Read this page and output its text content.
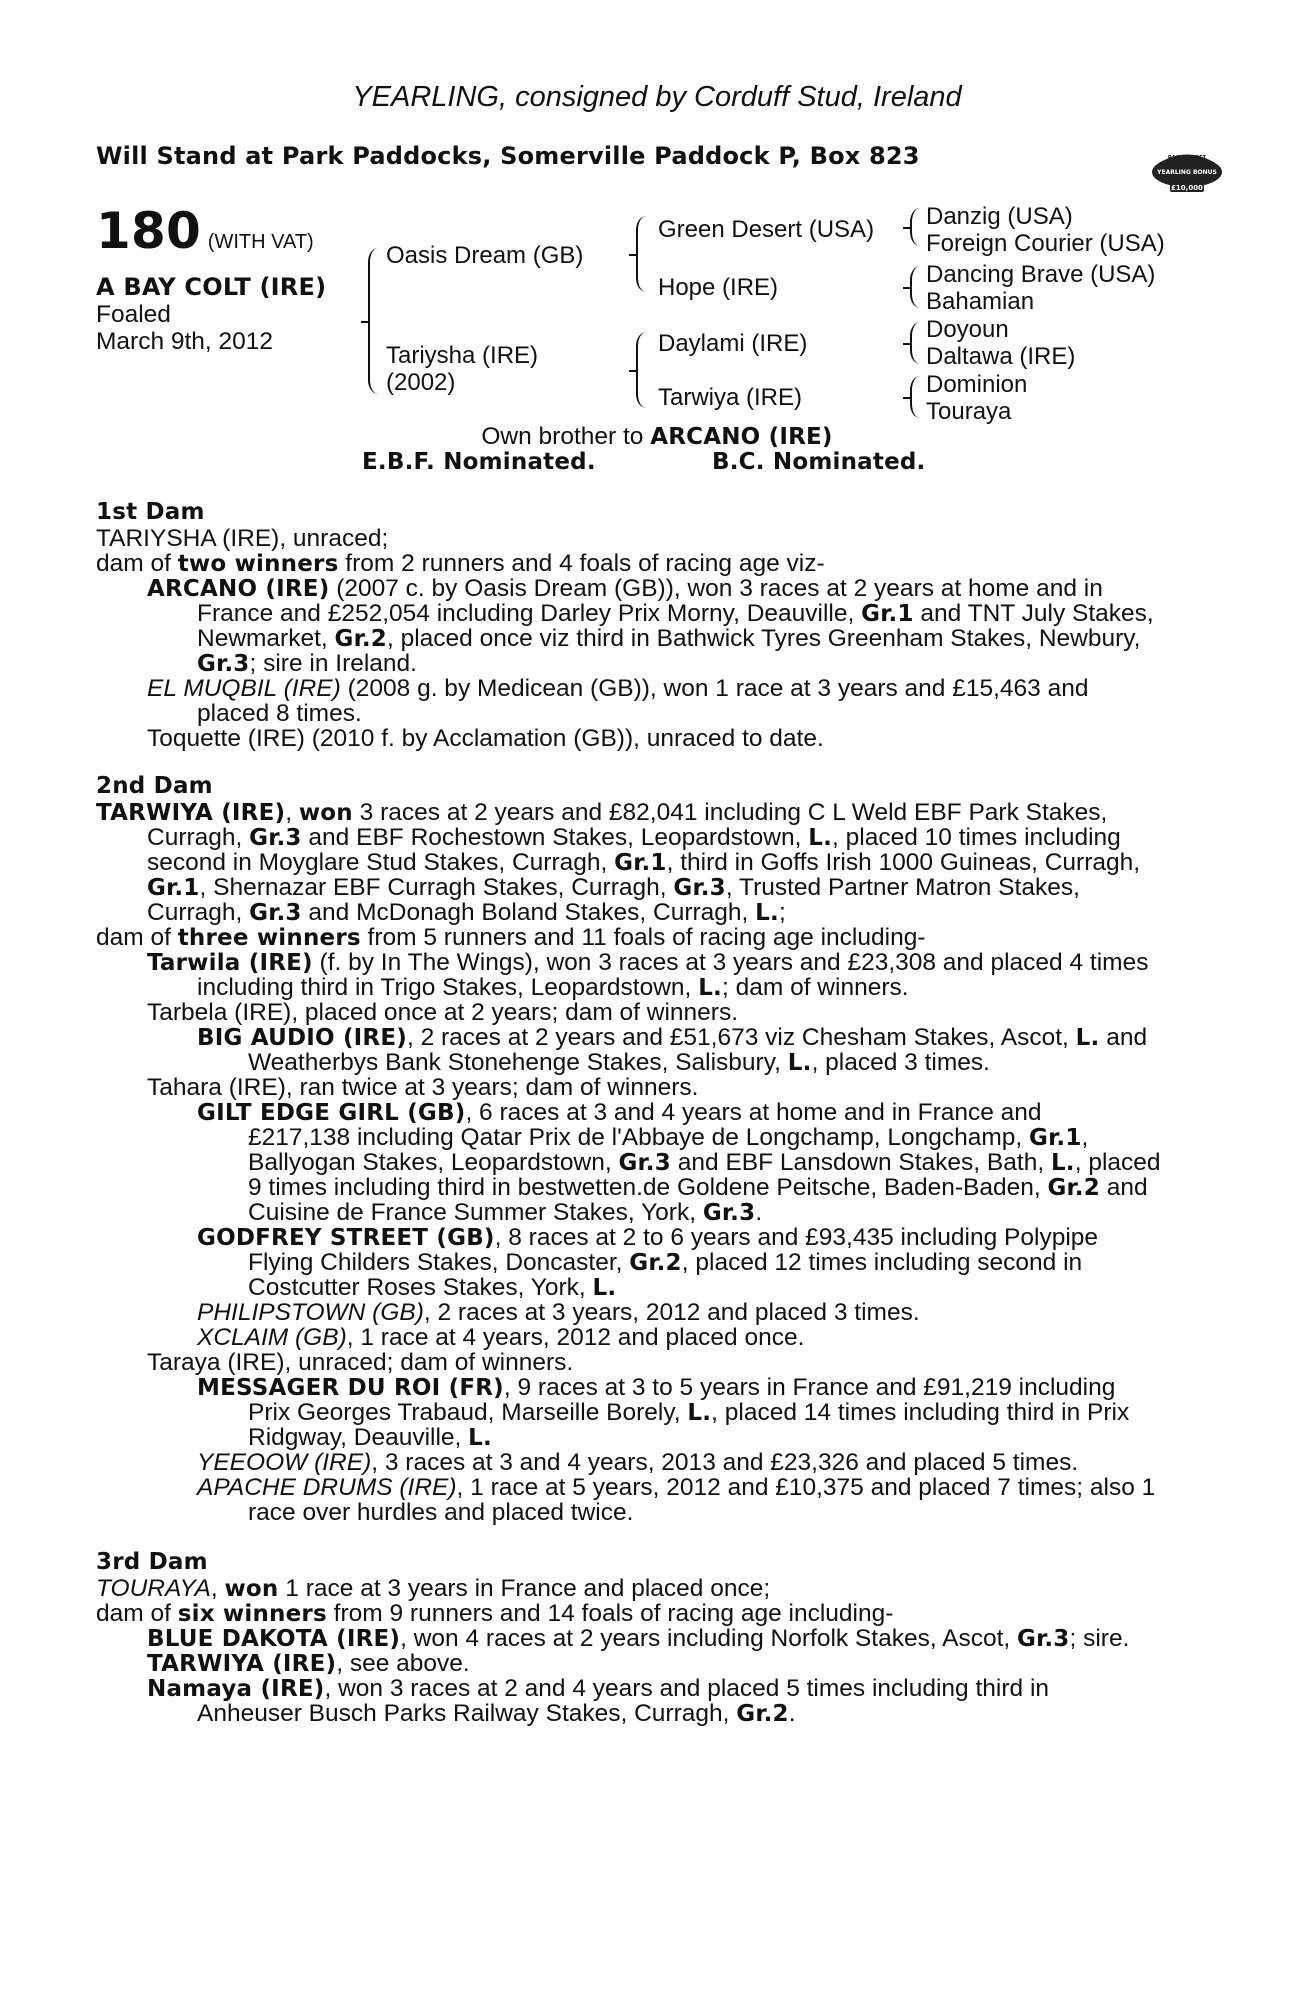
YEARLING, consigned by Corduff Stud, Ireland
Will Stand at Park Paddocks, Somerville Paddock P, Box 823	RACING POST
YEARLING BONUS
£10,000
180 (WITH VAT)
A BAY COLT (IRE)
Foaled
March 9th, 2012
Oasis Dream (GB)
Tariysha (IRE)
(2002)
Green Desert (USA)
Hope (IRE)
Daylami (IRE)
Tarwiya (IRE)
Danzig (USA)
Foreign Courier (USA)
Dancing Brave (USA)
Bahamian
Doyoun
Daltawa (IRE)
Dominion
Touraya
Own brother to ARCANO (IRE)
E.B.F. Nominated.	B.C. Nominated.
1st Dam
TARIYSHA (IRE), unraced;
dam of two winners from 2 runners and 4 foals of racing age viz-
ARCANO (IRE) (2007 c. by Oasis Dream (GB)), won 3 races at 2 years at home and in
France and £252,054 including Darley Prix Morny, Deauville, Gr.1 and TNT July Stakes,
Newmarket, Gr.2, placed once viz third in Bathwick Tyres Greenham Stakes, Newbury,
Gr.3; sire in Ireland.
EL MUQBIL (IRE) (2008 g. by Medicean (GB)), won 1 race at 3 years and £15,463 and
placed 8 times.
Toquette (IRE) (2010 f. by Acclamation (GB)), unraced to date.
2nd Dam
TARWIYA (IRE), won 3 races at 2 years and £82,041 including C L Weld EBF Park Stakes,
Curragh, Gr.3 and EBF Rochestown Stakes, Leopardstown, L., placed 10 times including
second in Moyglare Stud Stakes, Curragh, Gr.1, third in Goffs Irish 1000 Guineas, Curragh,
Gr.1, Shernazar EBF Curragh Stakes, Curragh, Gr.3, Trusted Partner Matron Stakes,
Curragh, Gr.3 and McDonagh Boland Stakes, Curragh, L.;
dam of three winners from 5 runners and 11 foals of racing age including-
Tarwila (IRE) (f. by In The Wings), won 3 races at 3 years and £23,308 and placed 4 times
including third in Trigo Stakes, Leopardstown, L.; dam of winners.
Tarbela (IRE), placed once at 2 years; dam of winners.
BIG AUDIO (IRE), 2 races at 2 years and £51,673 viz Chesham Stakes, Ascot, L. and
Weatherbys Bank Stonehenge Stakes, Salisbury, L., placed 3 times.
Tahara (IRE), ran twice at 3 years; dam of winners.
GILT EDGE GIRL (GB), 6 races at 3 and 4 years at home and in France and
£217,138 including Qatar Prix de l'Abbaye de Longchamp, Longchamp, Gr.1,
Ballyogan Stakes, Leopardstown, Gr.3 and EBF Lansdown Stakes, Bath, L., placed
9 times including third in bestwetten.de Goldene Peitsche, Baden-Baden, Gr.2 and
Cuisine de France Summer Stakes, York, Gr.3.
GODFREY STREET (GB), 8 races at 2 to 6 years and £93,435 including Polypipe
Flying Childers Stakes, Doncaster, Gr.2, placed 12 times including second in
Costcutter Roses Stakes, York, L.
PHILIPSTOWN (GB), 2 races at 3 years, 2012 and placed 3 times.
XCLAIM (GB), 1 race at 4 years, 2012 and placed once.
Taraya (IRE), unraced; dam of winners.
MESSAGER DU ROI (FR), 9 races at 3 to 5 years in France and £91,219 including
Prix Georges Trabaud, Marseille Borely, L., placed 14 times including third in Prix
Ridgway, Deauville, L.
YEEOOW (IRE), 3 races at 3 and 4 years, 2013 and £23,326 and placed 5 times.
APACHE DRUMS (IRE), 1 race at 5 years, 2012 and £10,375 and placed 7 times; also 1
race over hurdles and placed twice.
3rd Dam
TOURAYA, won 1 race at 3 years in France and placed once;
dam of six winners from 9 runners and 14 foals of racing age including-
BLUE DAKOTA (IRE), won 4 races at 2 years including Norfolk Stakes, Ascot, Gr.3; sire.
TARWIYA (IRE), see above.
Namaya (IRE), won 3 races at 2 and 4 years and placed 5 times including third in
Anheuser Busch Parks Railway Stakes, Curragh, Gr.2.
